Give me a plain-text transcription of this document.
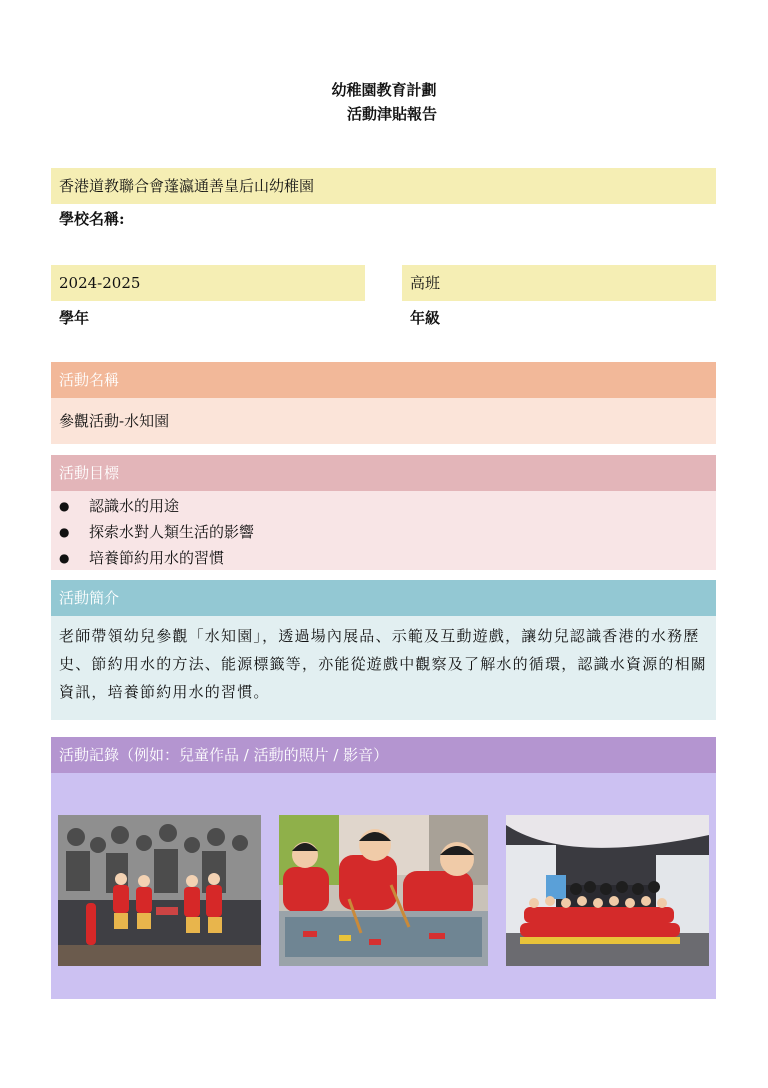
幼稚園教育計劃
活動津貼報告
香港道教聯合會蓬瀛通善皇后山幼稚園
學校名稱:
2024-2025
學年
高班
年級
活動名稱
參觀活動-水知園
活動目標
●	認識水的用途
●	探索水對人類生活的影響
●	培養節約用水的習慣
活動簡介

老師帶領幼兒參觀「水知園」，透過場內展品、示範及互動遊戲，讓幼兒認識香港的水務歷史、節約用水的方法、能源標籤等，亦能從遊戲中觀察及了解水的循環，認識水資源的相關資訊，培養節約用水的習慣。

活動記錄（例如：兒童作品 / 活動的照片 / 影音）
